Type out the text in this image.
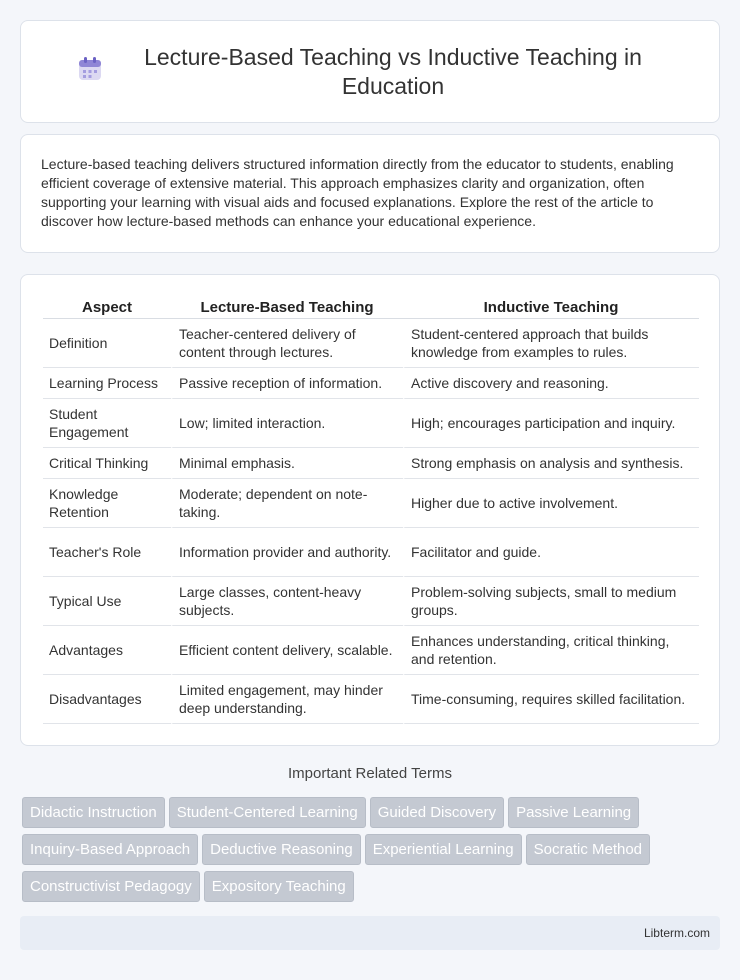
Lecture-Based Teaching vs Inductive Teaching in Education

Lecture-based teaching delivers structured information directly from the educator to students, enabling efficient coverage of extensive material. This approach emphasizes clarity and organization, often supporting your learning with visual aids and focused explanations. Explore the rest of the article to discover how lecture-based methods can enhance your educational experience.

Aspect	Lecture-Based Teaching	Inductive Teaching
Definition	Teacher-centered delivery of content through lectures.	Student-centered approach that builds knowledge from examples to rules.
Learning Process	Passive reception of information.	Active discovery and reasoning.
Student Engagement	Low; limited interaction.	High; encourages participation and inquiry.
Critical Thinking	Minimal emphasis.	Strong emphasis on analysis and synthesis.
Knowledge Retention	Moderate; dependent on note-taking.	Higher due to active involvement.
Teacher's Role	Information provider and authority.	Facilitator and guide.
Typical Use	Large classes, content-heavy subjects.	Problem-solving subjects, small to medium groups.
Advantages	Efficient content delivery, scalable.	Enhances understanding, critical thinking, and retention.
Disadvantages	Limited engagement, may hinder deep understanding.	Time-consuming, requires skilled facilitation.
Important Related Terms
Didactic Instruction Student-Centered Learning Guided Discovery Passive Learning
Inquiry-Based Approach Deductive Reasoning Experiential Learning Socratic Method
Constructivist Pedagogy Expository Teaching
Libterm.com
